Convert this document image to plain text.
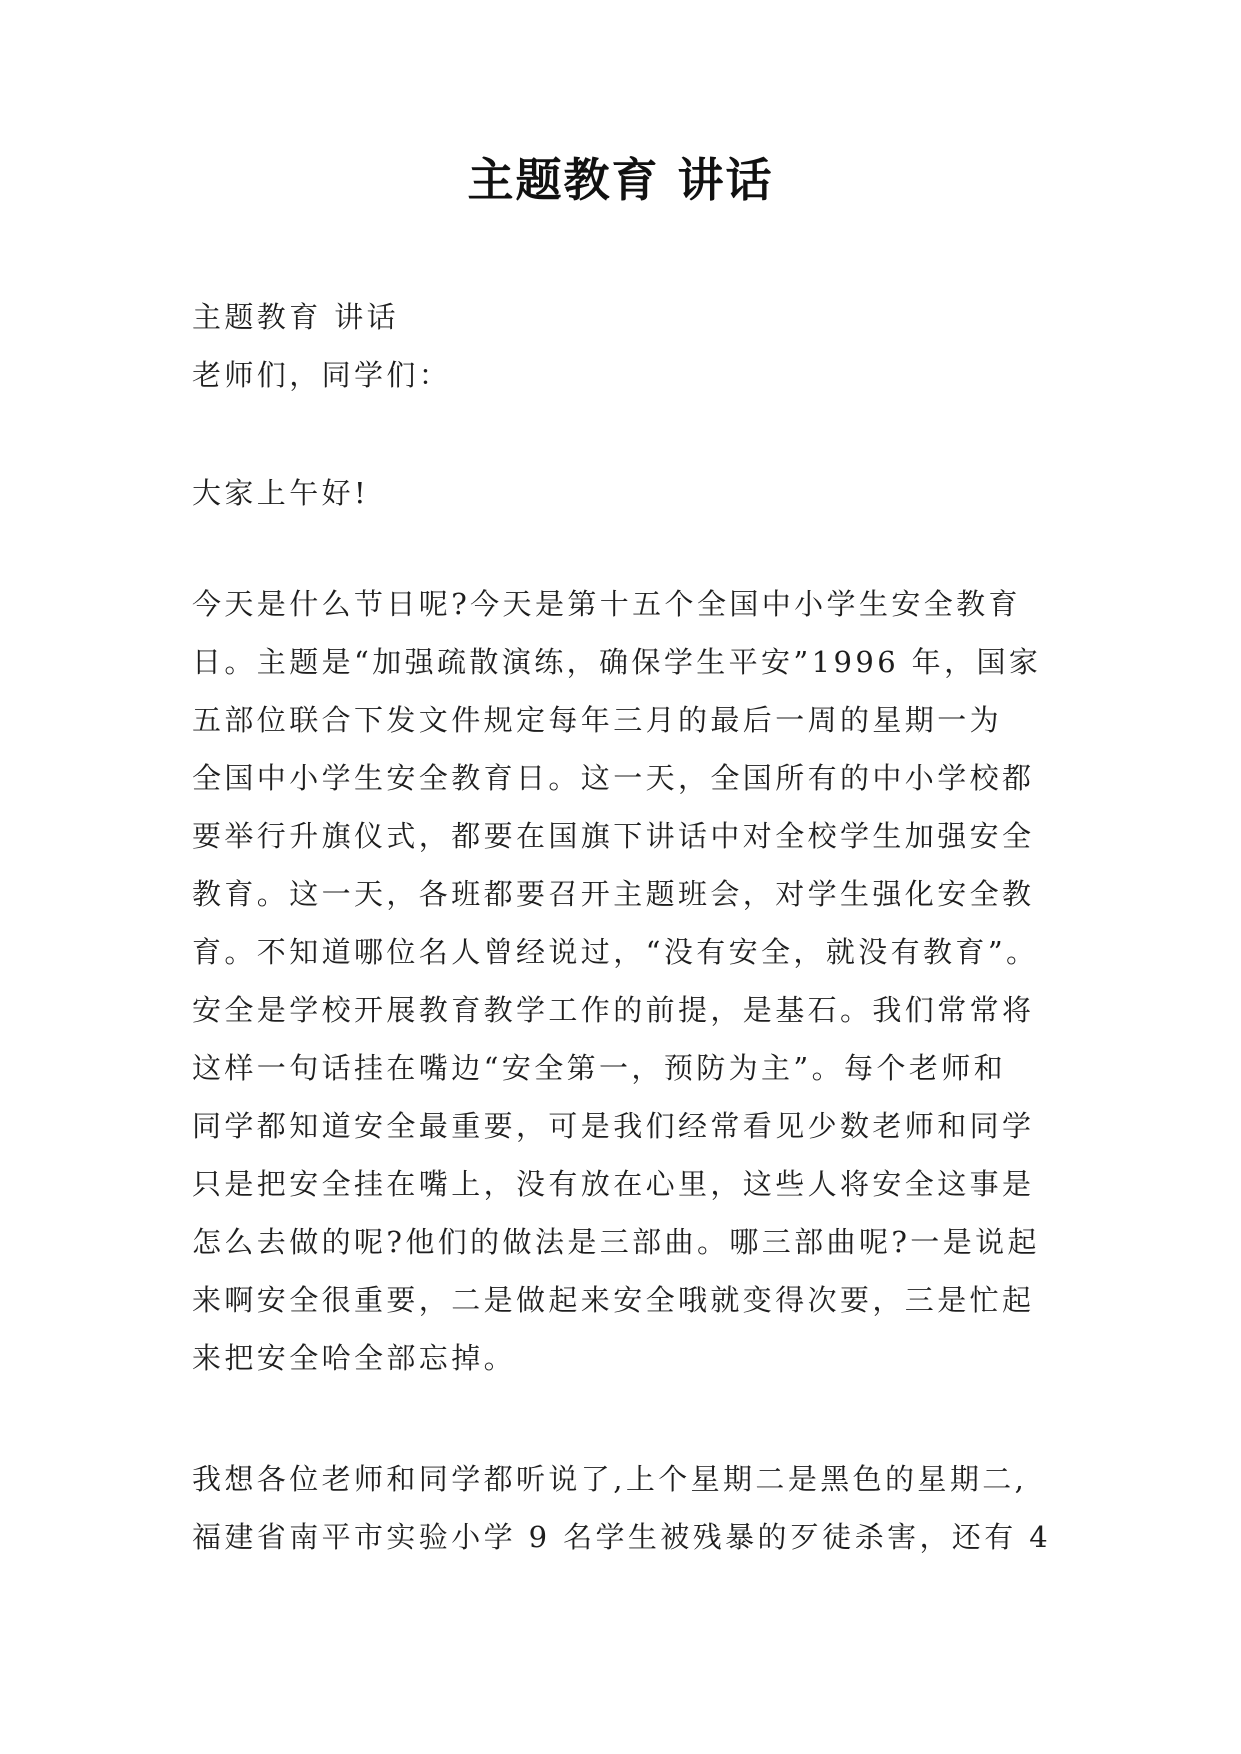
主题教育 讲话

主题教育 讲话

老师们，同学们：

大家上午好!

今天是什么节日呢?今天是第十五个全国中小学生安全教育
日。主题是“加强疏散演练，确保学生平安”1996 年，国家
五部位联合下发文件规定每年三月的最后一周的星期一为
全国中小学生安全教育日。这一天，全国所有的中小学校都
要举行升旗仪式，都要在国旗下讲话中对全校学生加强安全
教育。这一天，各班都要召开主题班会，对学生强化安全教
育。不知道哪位名人曾经说过，“没有安全，就没有教育”。
安全是学校开展教育教学工作的前提，是基石。我们常常将
这样一句话挂在嘴边“安全第一，预防为主”。每个老师和
同学都知道安全最重要，可是我们经常看见少数老师和同学
只是把安全挂在嘴上，没有放在心里，这些人将安全这事是
怎么去做的呢?他们的做法是三部曲。哪三部曲呢?一是说起
来啊安全很重要，二是做起来安全哦就变得次要，三是忙起
来把安全哈全部忘掉。
我想各位老师和同学都听说了,上个星期二是黑色的星期二,
福建省南平市实验小学 9 名学生被残暴的歹徒杀害，还有 4
